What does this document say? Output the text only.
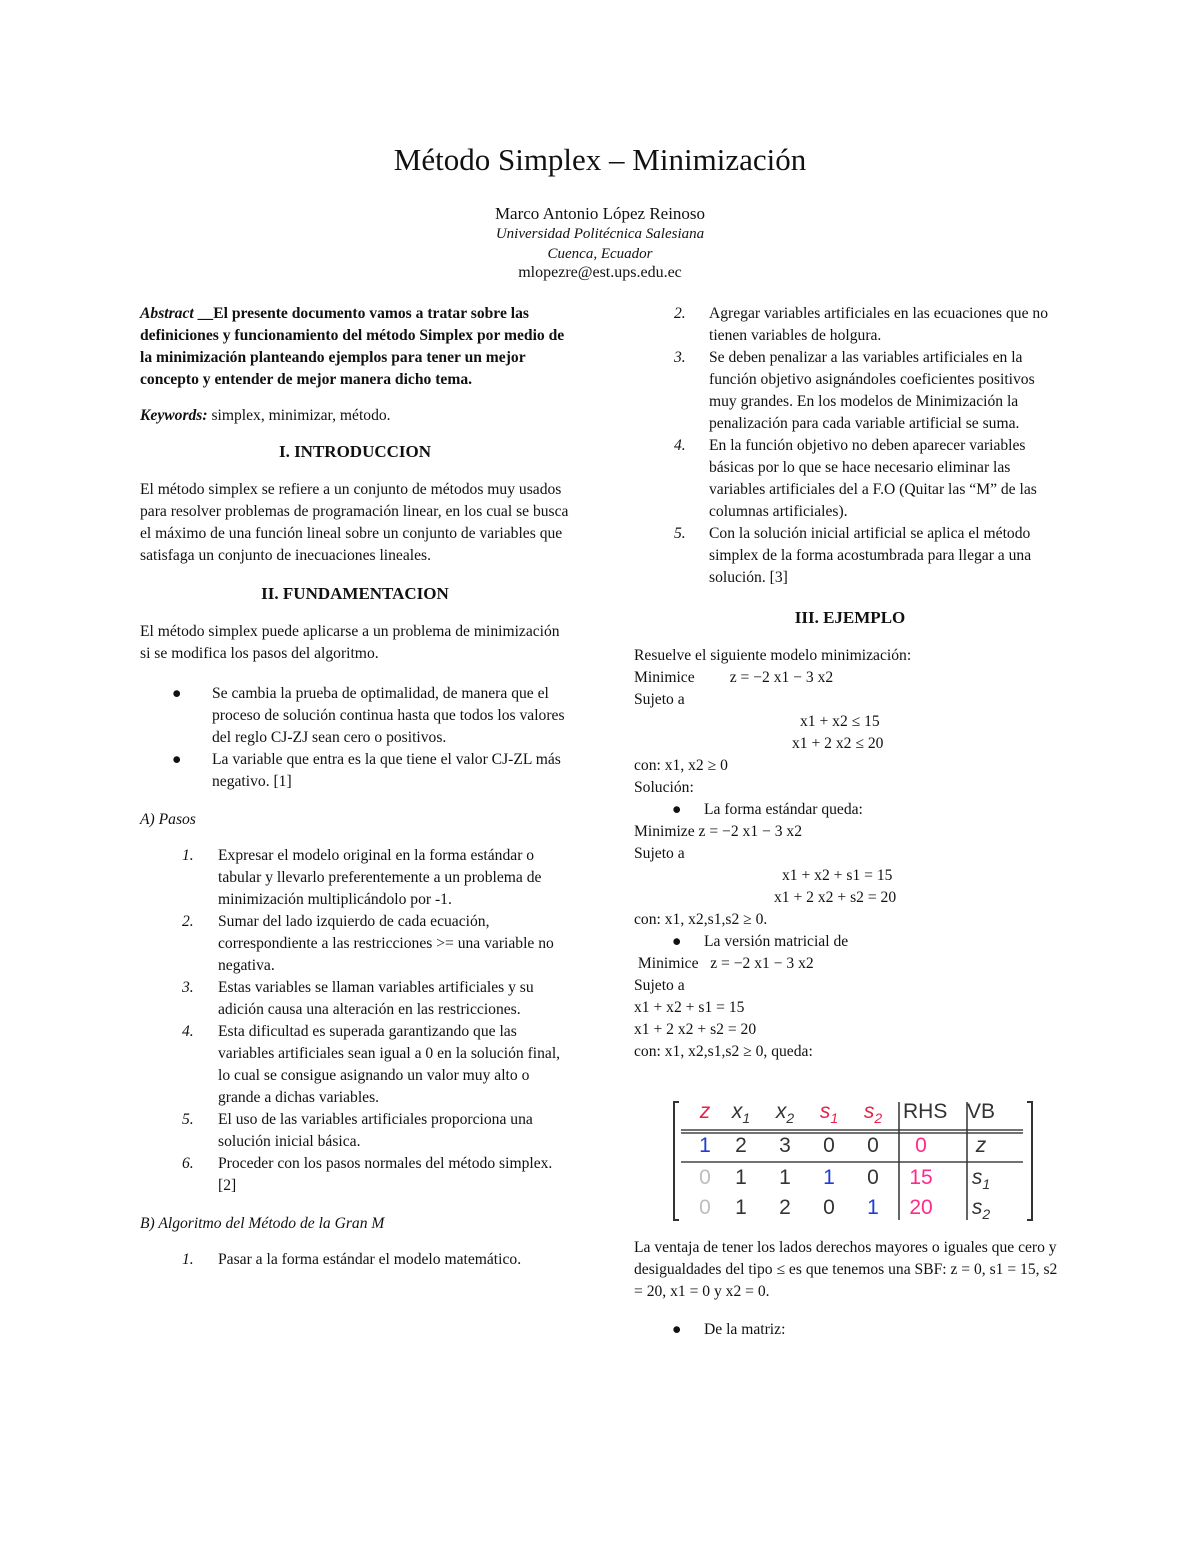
Método Simplex – Minimización
Marco Antonio López Reinoso
Universidad Politécnica Salesiana
Cuenca, Ecuador
mlopezre@est.ups.edu.ec

Abstract __El presente documento vamos a tratar sobre las definiciones y funcionamiento del método Simplex por medio de la minimización planteando ejemplos para tener un mejor concepto y entender de mejor manera dicho tema.

Keywords: simplex, minimizar, método.

I. INTRODUCCION

El método simplex se refiere a un conjunto de métodos muy usados para resolver problemas de programación linear, en los cual se busca el máximo de una función lineal sobre un conjunto de variables que satisfaga un conjunto de inecuaciones lineales.

II. FUNDAMENTACION

El método simplex puede aplicarse a un problema de minimización si se modifica los pasos del algoritmo.

● Se cambia la prueba de optimalidad, de manera que el proceso de solución continua hasta que todos los valores del reglo CJ-ZJ sean cero o positivos.
● La variable que entra es la que tiene el valor CJ-ZL más negativo. [1]

A) Pasos

1. Expresar el modelo original en la forma estándar o tabular y llevarlo preferentemente a un problema de minimización multiplicándolo por -1.
2. Sumar del lado izquierdo de cada ecuación, correspondiente a las restricciones >= una variable no negativa.
3. Estas variables se llaman variables artificiales y su adición causa una alteración en las restricciones.
4. Esta dificultad es superada garantizando que las variables artificiales sean igual a 0 en la solución final, lo cual se consigue asignando un valor muy alto o grande a dichas variables.
5. El uso de las variables artificiales proporciona una solución inicial básica.
6. Proceder con los pasos normales del método simplex. [2]

B) Algoritmo del Método de la Gran M

1. Pasar a la forma estándar el modelo matemático.
2. Agregar variables artificiales en las ecuaciones que no tienen variables de holgura.
3. Se deben penalizar a las variables artificiales en la función objetivo asignándoles coeficientes positivos muy grandes. En los modelos de Minimización la penalización para cada variable artificial se suma.
4. En la función objetivo no deben aparecer variables básicas por lo que se hace necesario eliminar las variables artificiales del a F.O (Quitar las “M” de las columnas artificiales).
5. Con la solución inicial artificial se aplica el método simplex de la forma acostumbrada para llegar a una solución. [3]
III. EJEMPLO

Resuelve el siguiente modelo minimización:

Minimice         z = −2 x1 − 3 x2

Sujeto a

x1 + x2 ≤ 15

x1 + 2 x2 ≤ 20

con: x1, x2 ≥ 0

Solución:

● La forma estándar queda:

Minimize z = −2 x1 − 3 x2

Sujeto a

x1 + x2 + s1 = 15

x1 + 2 x2 + s2 = 20

con: x1, x2,s1,s2 ≥ 0.

● La versión matricial de

Minimice   z = −2 x1 − 3 x2

Sujeto a

x1 + x2 + s1 = 15

x1 + 2 x2 + s2 = 20

con: x1, x2,s1,s2 ≥ 0, queda:

La ventaja de tener los lados derechos mayores o iguales que cero y desigualdades del tipo ≤ es que tenemos una SBF: z = 0, s1 = 15, s2 = 20, x1 = 0 y x2 = 0.

● De la matriz:
z	$x_1$	$x_2$	$s_1$	$s_2$ RHS VB
1	2	3	0	0	0	z
0	1	1	1	0	15	$s_1$
0	1	2	0	1	20	$s_2$
